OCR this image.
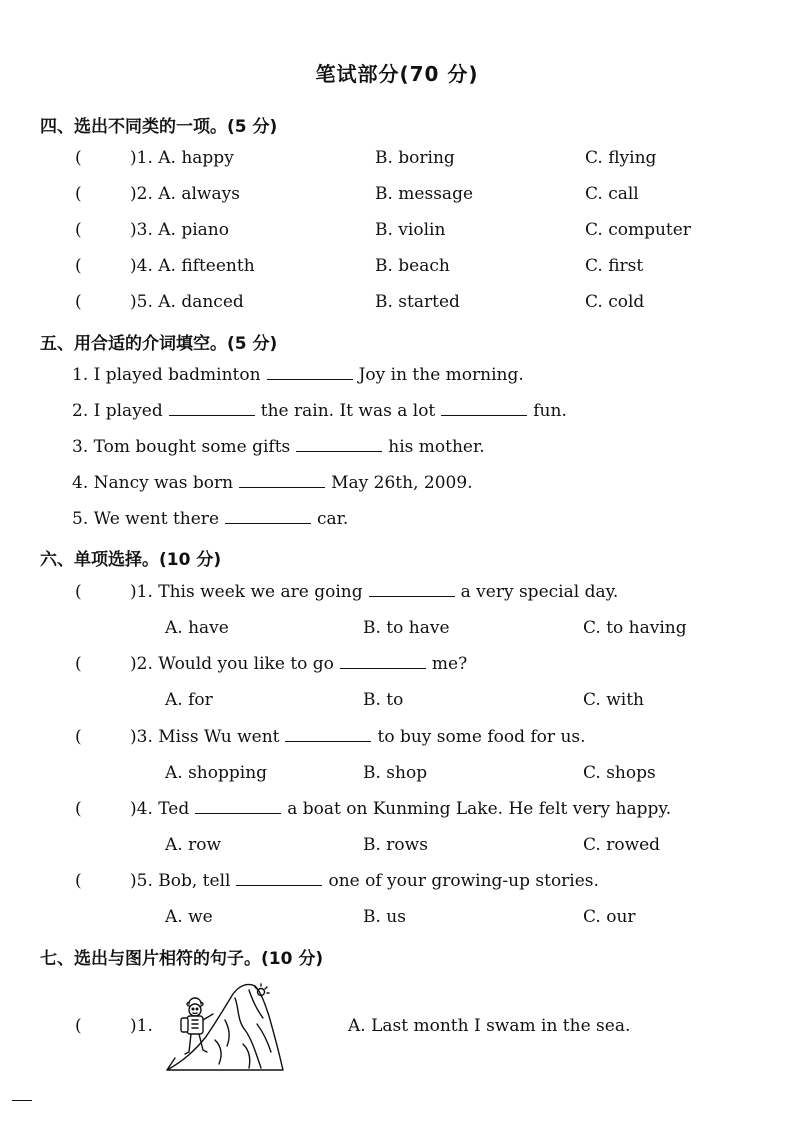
笔试部分(70 分)
四、选出不同类的一项。(5 分)
(	)1. A. happy	B. boring	C. flying
(	)2. A. always	B. message	C. call
(	)3. A. piano	B. violin	C. computer
(	)4. A. fifteenth	B. beach	C. first
(	)5. A. danced	B. started	C. cold
五、用合适的介词填空。(5 分)
1. I played badminton	Joy in the morning.
2. I played	the rain. It was a lot	fun.
3. Tom bought some gifts	his mother.
4. Nancy was born	May 26th, 2009.
5. We went there	car.
六、单项选择。(10 分)
(	)1. This week we are going	a very special day.
A. have	B. to have	C. to having
(	)2. Would you like to go	me?
A. for	B. to	C. with
(	)3. Miss Wu went	to buy some food for us.
A. shopping	B. shop	C. shops
(	)4. Ted	a boat on Kunming Lake. He felt very happy.
A. row	B. rows	C. rowed
(	)5. Bob, tell	one of your growing-up stories.
A. we	B. us	C. our
七、选出与图片相符的句子。(10 分)
(	)1.	A. Last month I swam in the sea.
